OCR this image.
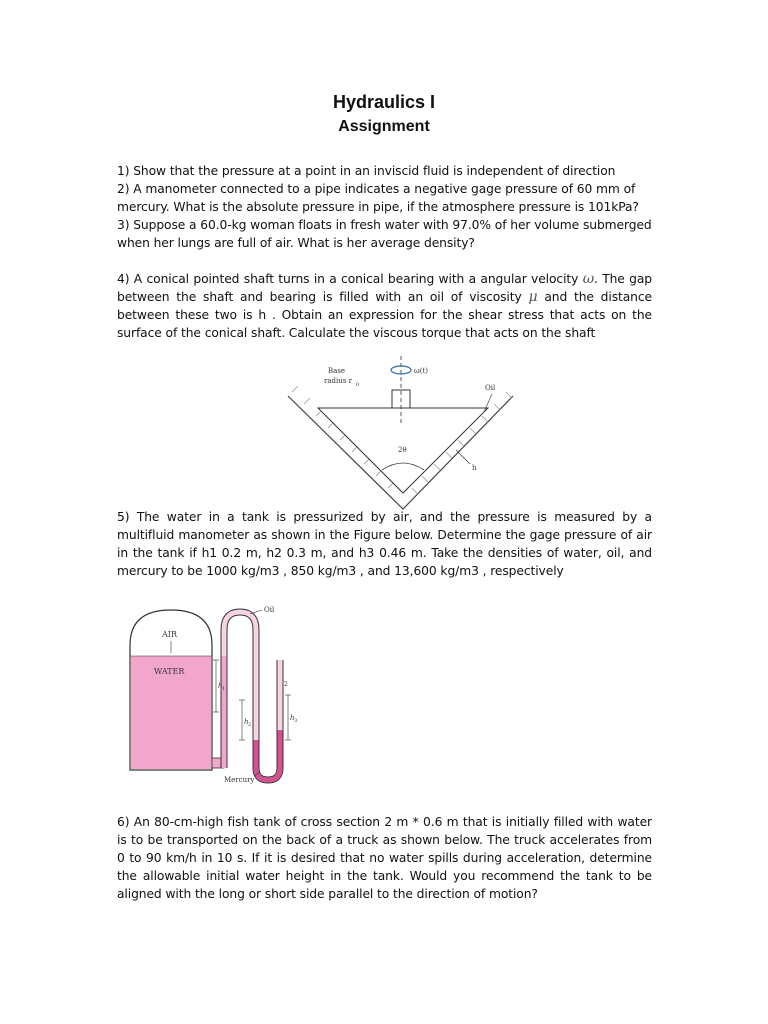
Hydraulics I
Assignment
1) Show that the pressure at a point in an inviscid fluid is independent of direction
2) A manometer connected to a pipe indicates a negative gage pressure of 60 mm of mercury. What is the absolute pressure in pipe, if the atmosphere pressure is 101kPa?
3) Suppose a 60.0-kg woman floats in fresh water with 97.0% of her volume submerged when her lungs are full of air. What is her average density?
4) A conical pointed shaft turns in a conical bearing with a angular velocity ω. The gap between the shaft and bearing is filled with an oil of viscosity μ and the distance between these two is h . Obtain an expression for the shear stress that acts on the surface of the conical shaft. Calculate the viscous torque that acts on the shaft
ω(t)
Base
radius r 0	Oil
2θ
h
5) The water in a tank is pressurized by air, and the pressure is measured by a multifluid manometer as shown in the Figure below. Determine the gage pressure of air in the tank if h1 0.2 m, h2 0.3 m, and h3 0.46 m. Take the densities of water, oil, and mercury to be 1000 kg/m3 , 850 kg/m3 , and 13,600 kg/m3 , respectively
AIR
WATER
h 1
h 2
h 3
2
Oil
Mercury
6) An 80-cm-high fish tank of cross section 2 m * 0.6 m that is initially filled with water is to be transported on the back of a truck as shown below. The truck accelerates from 0 to 90 km/h in 10 s. If it is desired that no water spills during acceleration, determine the allowable initial water height in the tank. Would you recommend the tank to be aligned with the long or short side parallel to the direction of motion?
